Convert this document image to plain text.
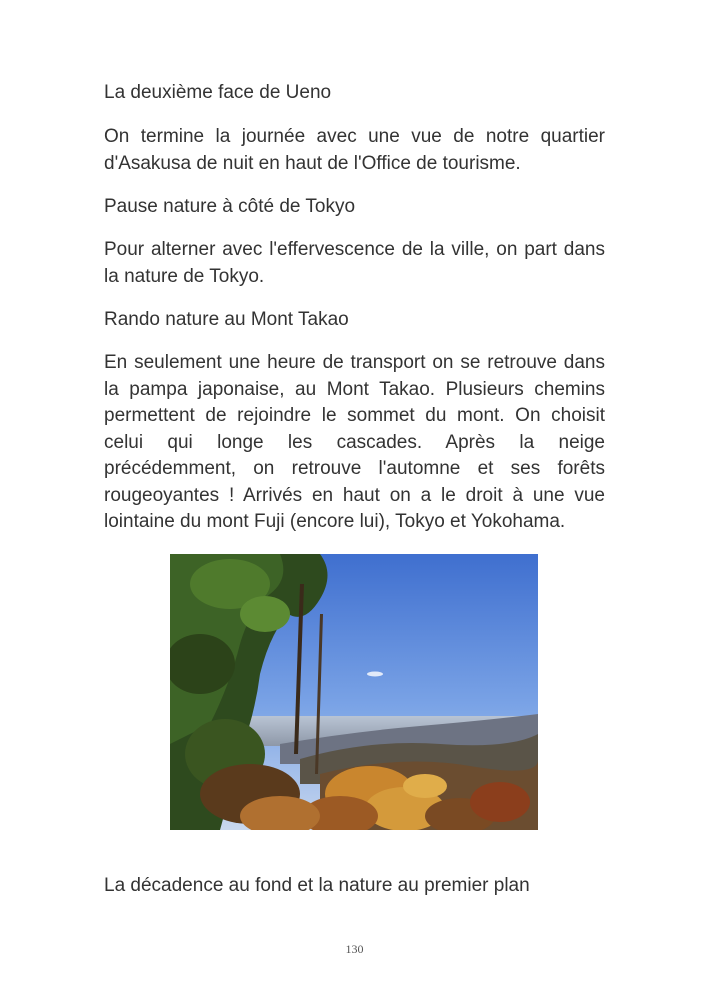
La deuxième face de Ueno

On termine la journée avec une vue de notre quartier d'Asakusa de nuit en haut de l'Office de tourisme.

Pause nature à côté de Tokyo

Pour alterner avec l'effervescence de la ville, on part dans la nature de Tokyo.

Rando nature au Mont Takao

En seulement une heure de transport on se retrouve dans la pampa japonaise, au Mont Takao. Plusieurs chemins permettent de rejoindre le sommet du mont. On choisit celui qui longe les cascades. Après la neige précédemment, on retrouve l'automne et ses forêts rougeoyantes ! Arrivés en haut on a le droit à une vue lointaine du mont Fuji (encore lui), Tokyo et Yokohama.

La décadence au fond et la nature au premier plan

130
